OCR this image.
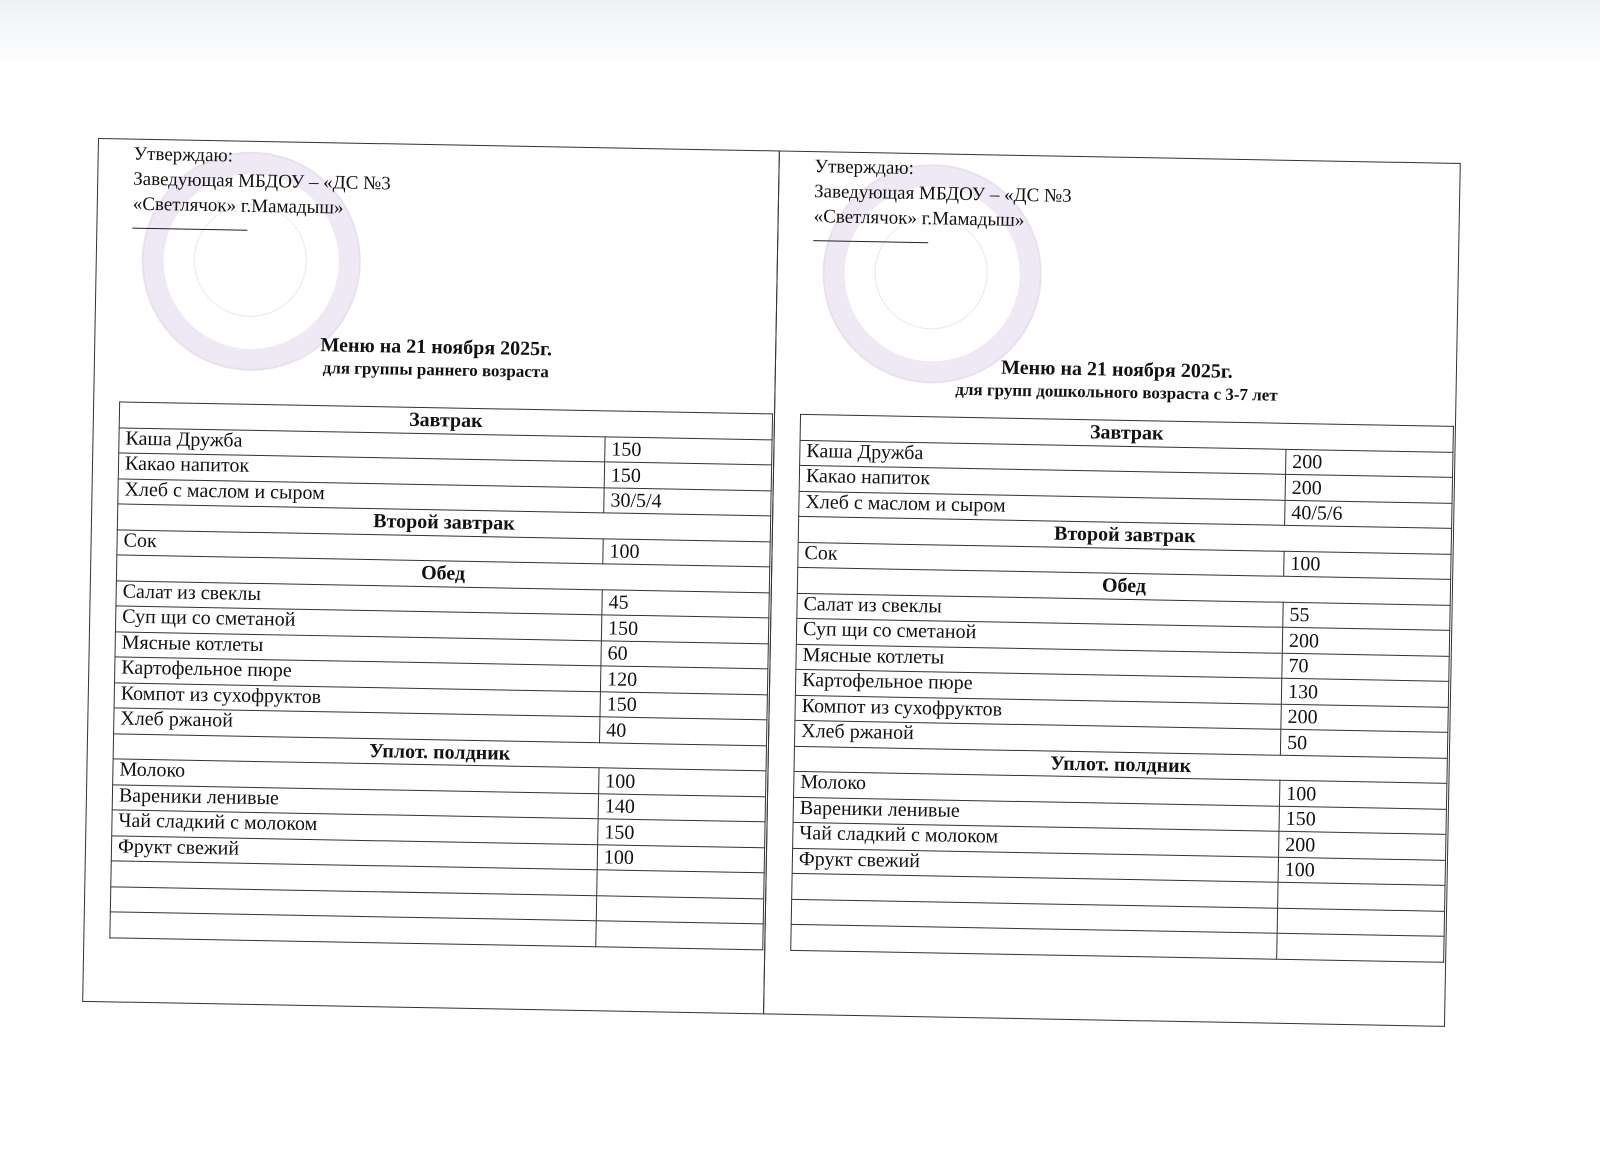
Утверждаю:
Заведующая МБДОУ – «ДС №3
«Светлячок» г.Мамадыш»
Меню на 21 ноября 2025г.
для группы раннего возраста
Завтрак	
Каша Дружба	150
Какао напиток	150
Хлеб с маслом и сыром	30/5/4
Второй завтрак	
Сок	100
Обед	
Салат из свеклы	45
Суп щи со сметаной	150
Мясные котлеты	60
Картофельное пюре	120
Компот из сухофруктов	150
Хлеб ржаной	40
Уплот. полдник	
Молоко	100
Вареники ленивые	140
Чай сладкий с молоком	150
Фрукт свежий	100

Утверждаю:
Заведующая МБДОУ – «ДС №3
«Светлячок» г.Мамадыш»
Меню на 21 ноября 2025г.
для групп дошкольного возраста с 3-7 лет
Завтрак	
Каша Дружба	200
Какао напиток	200
Хлеб с маслом и сыром	40/5/6
Второй завтрак	
Сок	100
Обед	
Салат из свеклы	55
Суп щи со сметаной	200
Мясные котлеты	70
Картофельное пюре	130
Компот из сухофруктов	200
Хлеб ржаной	50
Уплот. полдник	
Молоко	100
Вареники ленивые	150
Чай сладкий с молоком	200
Фрукт свежий	100
